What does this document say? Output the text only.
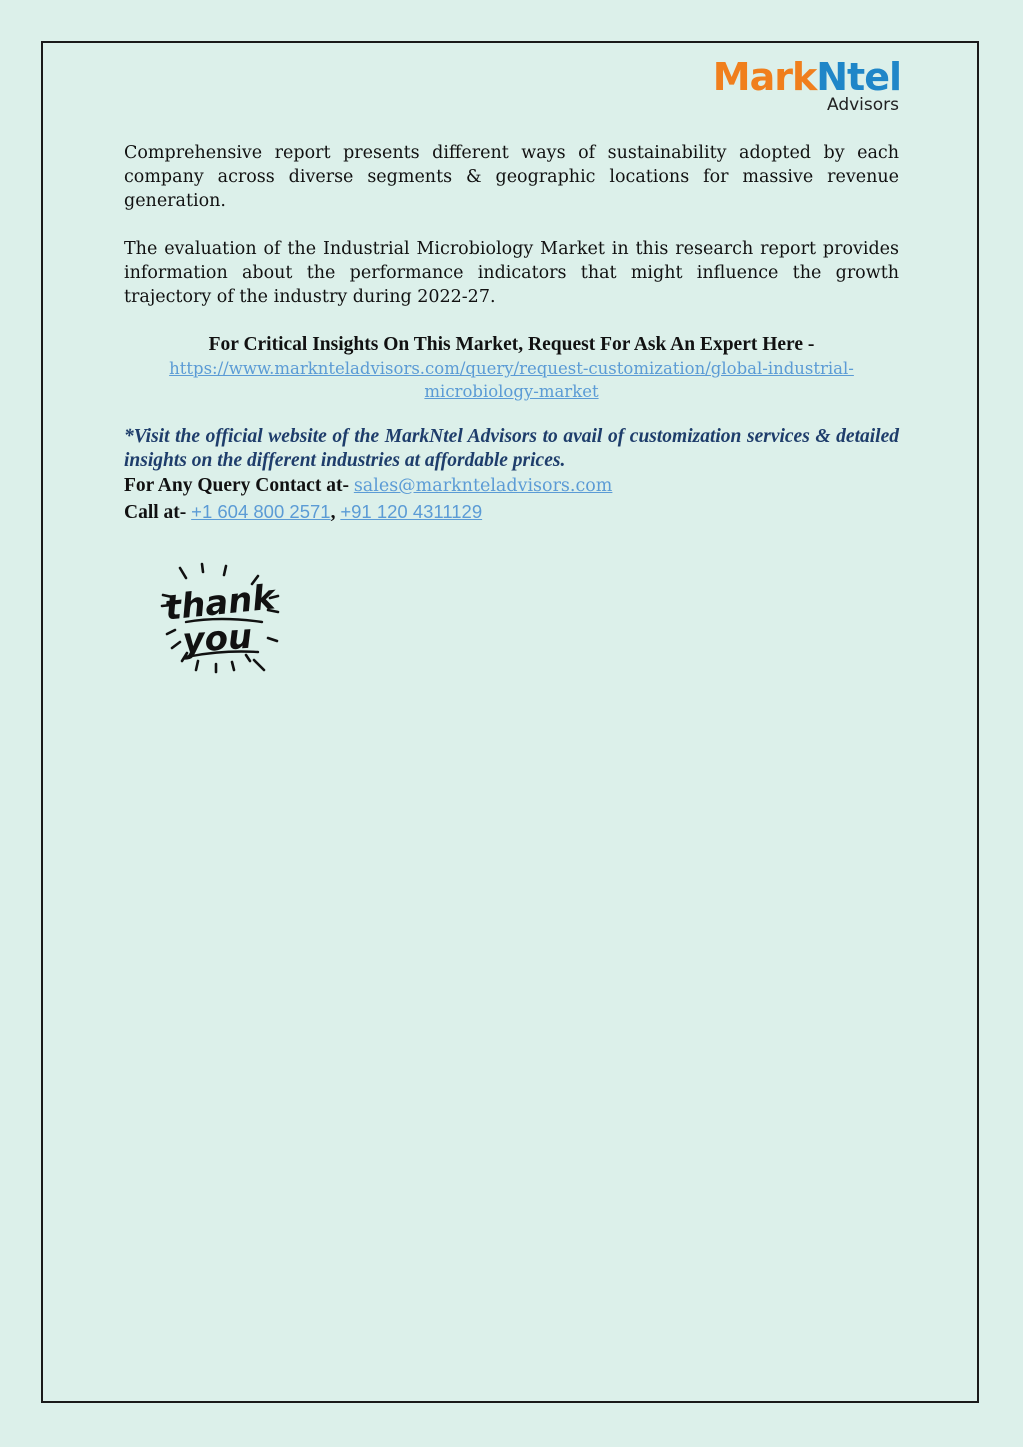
MarkNtel
Advisors

Comprehensive report presents different ways of sustainability adopted by each company across diverse segments & geographic locations for massive revenue generation.

The evaluation of the Industrial Microbiology Market in this research report provides information about the performance indicators that might influence the growth trajectory of the industry during 2022-27.

For Critical Insights On This Market, Request For Ask An Expert Here -
https://www.marknteladvisors.com/query/request-customization/global-industrial-
microbiology-market
*Visit the official website of the MarkNtel Advisors to avail of customization services & detailed insights on the different industries at affordable prices.
For Any Query Contact at- sales@marknteladvisors.com
Call at- +1 604 800 2571, +91 120 4311129
thank
you
